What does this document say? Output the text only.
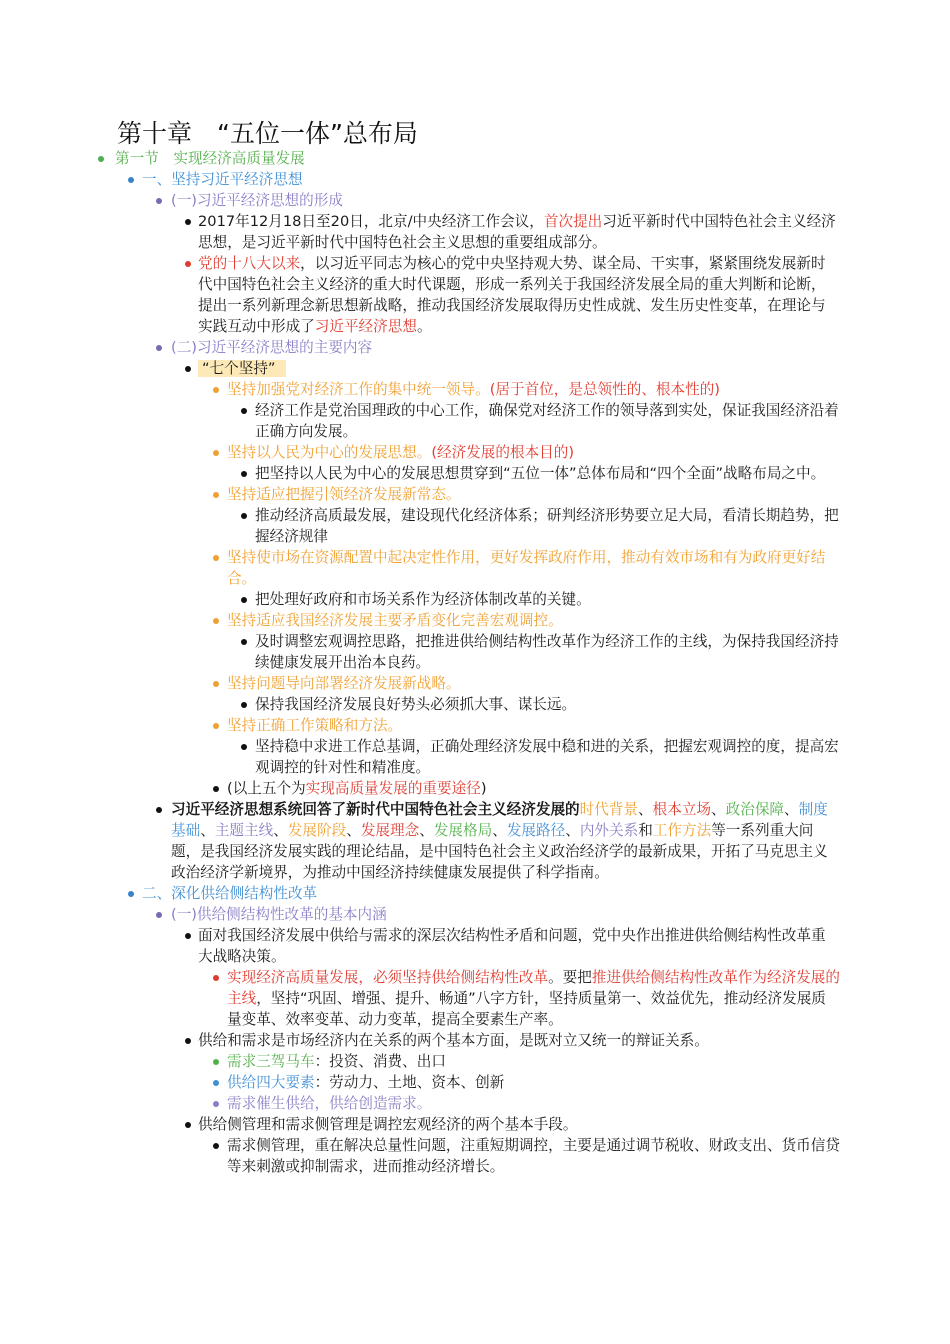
第十章　“五位一体”总布局
第一节　实现经济高质量发展
一、坚持习近平经济思想
(一)习近平经济思想的形成
2017年12月18日至20日，北京/中央经济工作会议，首次提出习近平新时代中国特色社会主义经济思想，是习近平新时代中国特色社会主义思想的重要组成部分。
党的十八大以来，以习近平同志为核心的党中央坚持观大势、谋全局、干实事，紧紧围绕发展新时代中国特色社会主义经济的重大时代课题，形成一系列关于我国经济发展全局的重大判断和论断，提出一系列新理念新思想新战略，推动我国经济发展取得历史性成就、发生历史性变革，在理论与实践互动中形成了习近平经济思想。
(二)习近平经济思想的主要内容
“七个坚持”
坚持加强党对经济工作的集中统一领导。(居于首位，是总领性的、根本性的)
经济工作是党治国理政的中心工作，确保党对经济工作的领导落到实处，保证我国经济沿着正确方向发展。
坚持以人民为中心的发展思想。(经济发展的根本目的)
把坚持以人民为中心的发展思想贯穿到“五位一体”总体布局和“四个全面”战略布局之中。
坚持适应把握引领经济发展新常态。
推动经济高质最发展，建设现代化经济体系；研判经济形势要立足大局，看清长期趋势，把握经济规律
坚持使市场在资源配置中起决定性作用，更好发挥政府作用，推动有效市场和有为政府更好结合。
把处理好政府和市场关系作为经济体制改革的关键。
坚持适应我国经济发展主要矛盾变化完善宏观调控。
及时调整宏观调控思路，把推进供给侧结构性改革作为经济工作的主线，为保持我国经济持续健康发展开出治本良药。
坚持问题导向部署经济发展新战略。
保持我国经济发展良好势头必须抓大事、谋长远。
坚持正确工作策略和方法。
坚持稳中求进工作总基调，正确处理经济发展中稳和进的关系，把握宏观调控的度，提高宏观调控的针对性和精准度。
(以上五个为实现高质量发展的重要途径)
习近平经济思想系统回答了新时代中国特色社会主义经济发展的时代背景、根本立场、政治保障、制度基础、主题主线、发展阶段、发展理念、发展格局、发展路径、内外关系和工作方法等一系列重大问题，是我国经济发展实践的理论结晶，是中国特色社会主义政治经济学的最新成果，开拓了马克思主义政治经济学新境界，为推动中国经济持续健康发展提供了科学指南。
二、深化供给侧结构性改革
(一)供给侧结构性改革的基本内涵
面对我国经济发展中供给与需求的深层次结构性矛盾和问题，党中央作出推进供给侧结构性改革重大战略决策。
实现经济高质量发展，必须坚持供给侧结构性改革。要把推进供给侧结构性改革作为经济发展的主线，坚持“巩固、增强、提升、畅通”八字方针，坚持质量第一、效益优先，推动经济发展质量变革、效率变革、动力变革，提高全要素生产率。
供给和需求是市场经济内在关系的两个基本方面，是既对立又统一的辩证关系。
需求三驾马车：投资、消费、出口
供给四大要素：劳动力、土地、资本、创新
需求催生供给，供给创造需求。
供给侧管理和需求侧管理是调控宏观经济的两个基本手段。
需求侧管理，重在解决总量性问题，注重短期调控，主要是通过调节税收、财政支出、货币信贷等来刺激或抑制需求，进而推动经济增长。
